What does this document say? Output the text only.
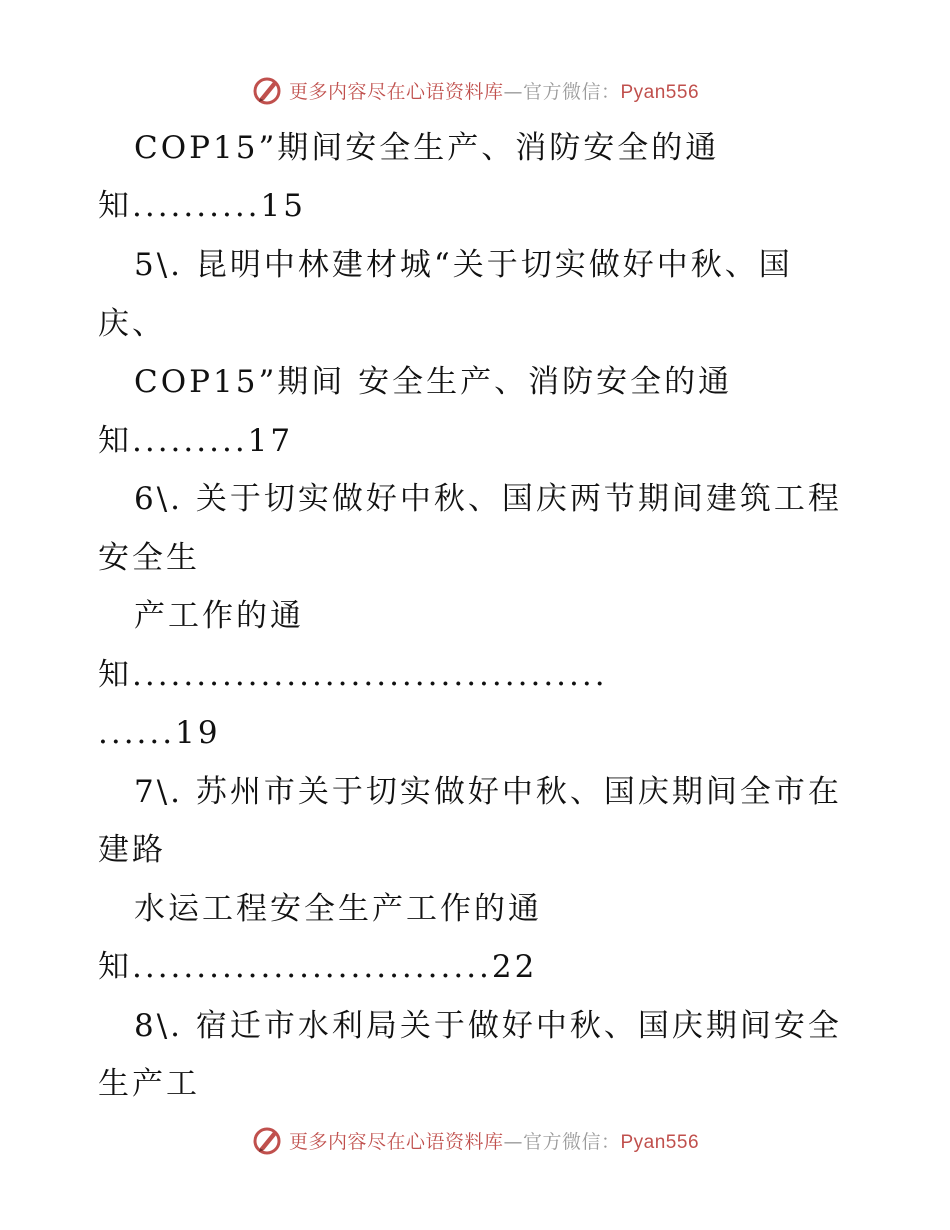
更多内容尽在心语资料库—官方微信：Pyan556
COP15”期间安全生产、消防安全的通
知..........15
5\. 昆明中林建材城“关于切实做好中秋、国
庆、
COP15”期间 安全生产、消防安全的通
知.........17
6\. 关于切实做好中秋、国庆两节期间建筑工程
安全生
产工作的通
知.....................................
......19
7\. 苏州市关于切实做好中秋、国庆期间全市在
建路
水运工程安全生产工作的通
知............................22
8\. 宿迁市水利局关于做好中秋、国庆期间安全
生产工
更多内容尽在心语资料库—官方微信：Pyan556
